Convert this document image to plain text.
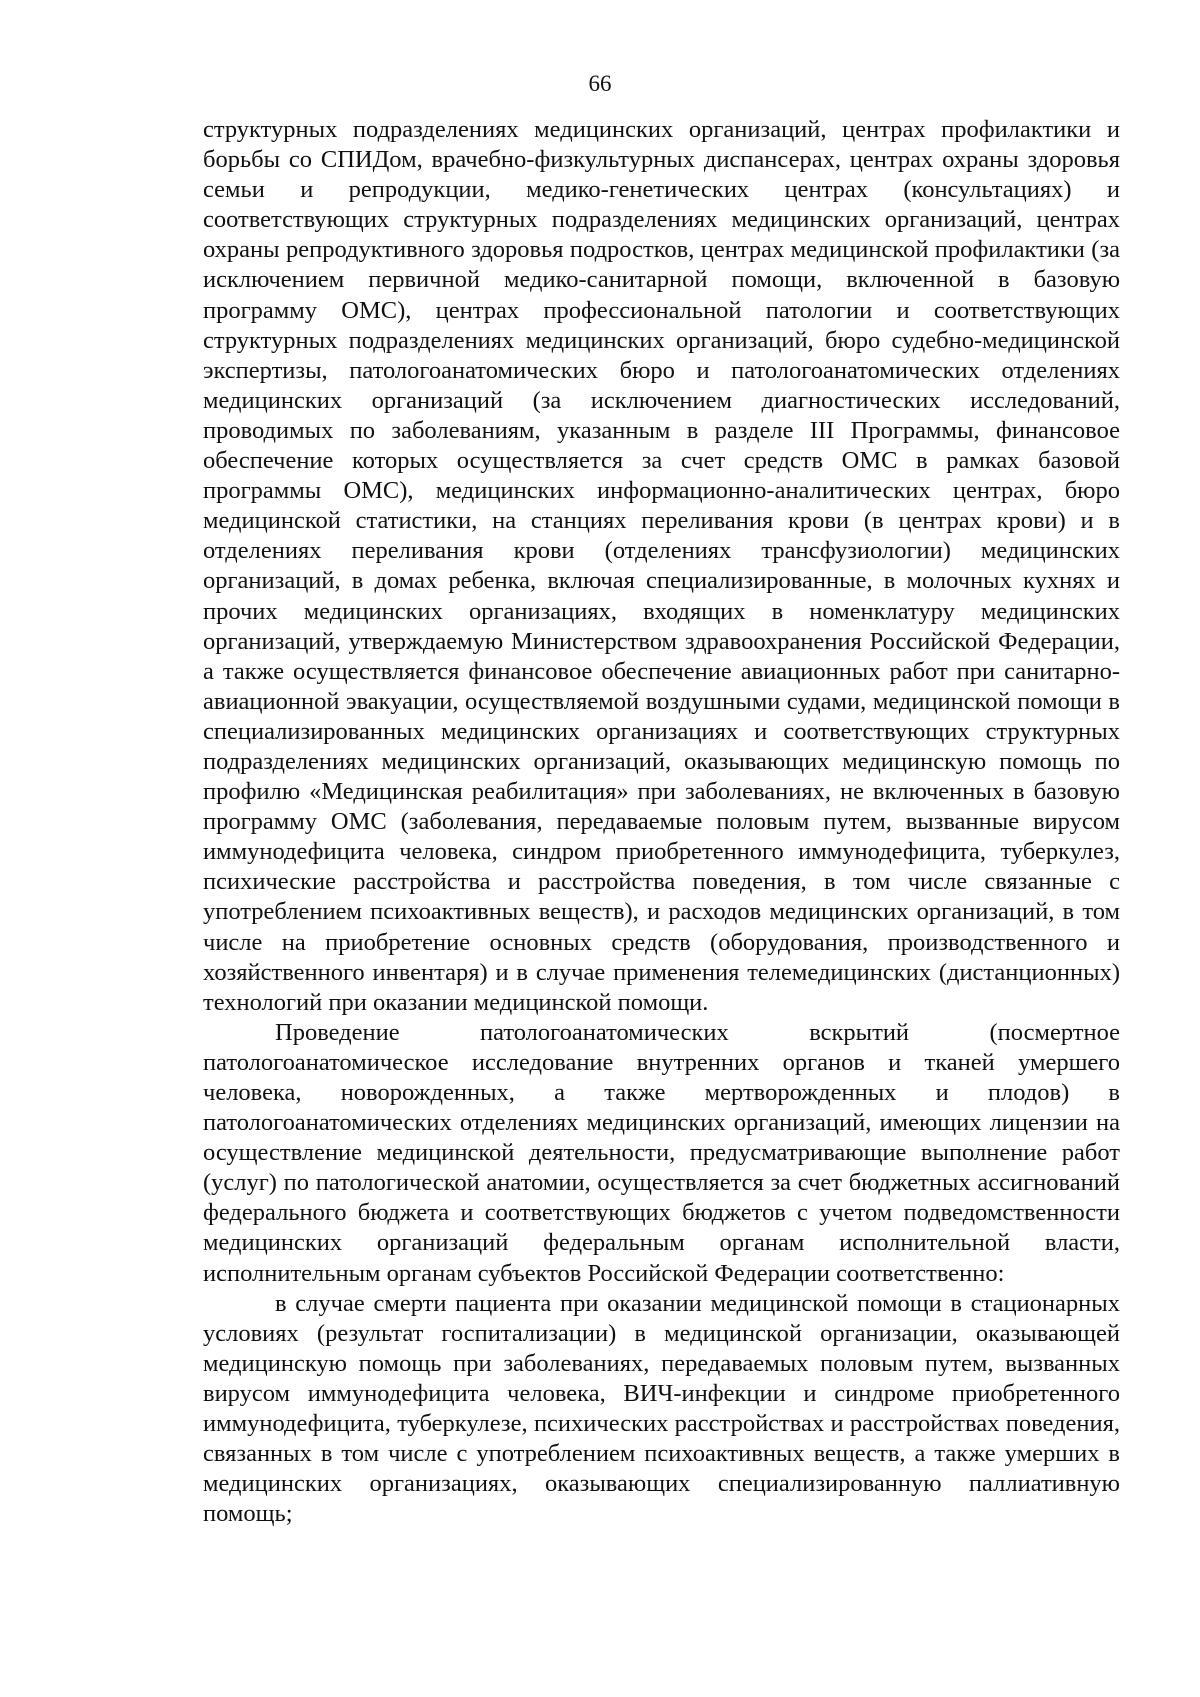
66

структурных подразделениях медицинских организаций, центрах профилактики и борьбы со СПИДом, врачебно-физкультурных диспансерах, центрах охраны здоровья семьи и репродукции, медико-генетических центрах (консультациях) и соответствующих структурных подразделениях медицинских организаций, центрах охраны репродуктивного здоровья подростков, центрах медицинской профилактики (за исключением первичной медико-санитарной помощи, включенной в базовую программу ОМС), центрах профессиональной патологии и соответствующих структурных подразделениях медицинских организаций, бюро судебно-медицинской экспертизы, патологоанатомических бюро и патологоанатомических отделениях медицинских организаций (за исключением диагностических исследований, проводимых по заболеваниям, указанным в разделе III Программы, финансовое обеспечение которых осуществляется за счет средств ОМС в рамках базовой программы ОМС), медицинских информационно-аналитических центрах, бюро медицинской статистики, на станциях переливания крови (в центрах крови) и в отделениях переливания крови (отделениях трансфузиологии) медицинских организаций, в домах ребенка, включая специализированные, в молочных кухнях и прочих медицинских организациях, входящих в номенклатуру медицинских организаций, утверждаемую Министерством здравоохранения Российской Федерации, а также осуществляется финансовое обеспечение авиационных работ при санитарно-авиационной эвакуации, осуществляемой воздушными судами, медицинской помощи в специализированных медицинских организациях и соответствующих структурных подразделениях медицинских организаций, оказывающих медицинскую помощь по профилю «Медицинская реабилитация» при заболеваниях, не включенных в базовую программу ОМС (заболевания, передаваемые половым путем, вызванные вирусом иммунодефицита человека, синдром приобретенного иммунодефицита, туберкулез, психические расстройства и расстройства поведения, в том числе связанные с употреблением психоактивных веществ), и расходов медицинских организаций, в том числе на приобретение основных средств (оборудования, производственного и хозяйственного инвентаря) и в случае применения телемедицинских (дистанционных) технологий при оказании медицинской помощи.

Проведение патологоанатомических вскрытий (посмертное патологоанатомическое исследование внутренних органов и тканей умершего человека, новорожденных, а также мертворожденных и плодов) в патологоанатомических отделениях медицинских организаций, имеющих лицензии на осуществление медицинской деятельности, предусматривающие выполнение работ (услуг) по патологической анатомии, осуществляется за счет бюджетных ассигнований федерального бюджета и соответствующих бюджетов с учетом подведомственности медицинских организаций федеральным органам исполнительной власти, исполнительным органам субъектов Российской Федерации соответственно:

в случае смерти пациента при оказании медицинской помощи в стационарных условиях (результат госпитализации) в медицинской организации, оказывающей медицинскую помощь при заболеваниях, передаваемых половым путем, вызванных вирусом иммунодефицита человека, ВИЧ-инфекции и синдроме приобретенного иммунодефицита, туберкулезе, психических расстройствах и расстройствах поведения, связанных в том числе с употреблением психоактивных веществ, а также умерших в медицинских организациях, оказывающих специализированную паллиативную помощь;
